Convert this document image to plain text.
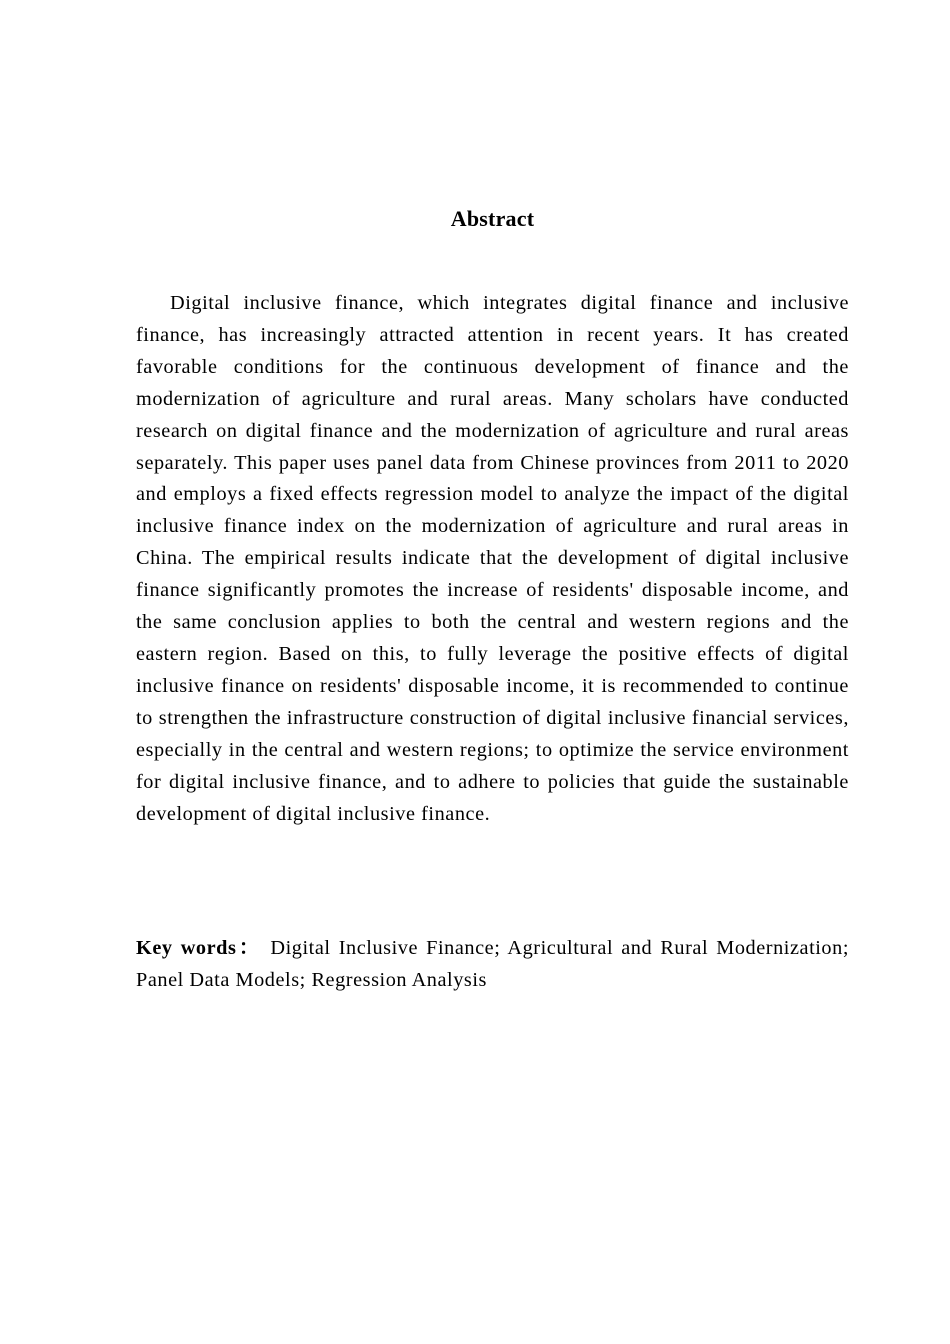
Abstract

Digital inclusive finance, which integrates digital finance and inclusive finance, has increasingly attracted attention in recent years. It has created favorable conditions for the continuous development of finance and the modernization of agriculture and rural areas. Many scholars have conducted research on digital finance and the modernization of agriculture and rural areas separately. This paper uses panel data from Chinese provinces from 2011 to 2020 and employs a fixed effects regression model to analyze the impact of the digital inclusive finance index on the modernization of agriculture and rural areas in China. The empirical results indicate that the development of digital inclusive finance significantly promotes the increase of residents' disposable income, and the same conclusion applies to both the central and western regions and the eastern region. Based on this, to fully leverage the positive effects of digital inclusive finance on residents' disposable income, it is recommended to continue to strengthen the infrastructure construction of digital inclusive financial services, especially in the central and western regions; to optimize the service environment for digital inclusive finance, and to adhere to policies that guide the sustainable development of digital inclusive finance.

Key words： Digital Inclusive Finance; Agricultural and Rural Modernization; Panel Data Models; Regression Analysis
